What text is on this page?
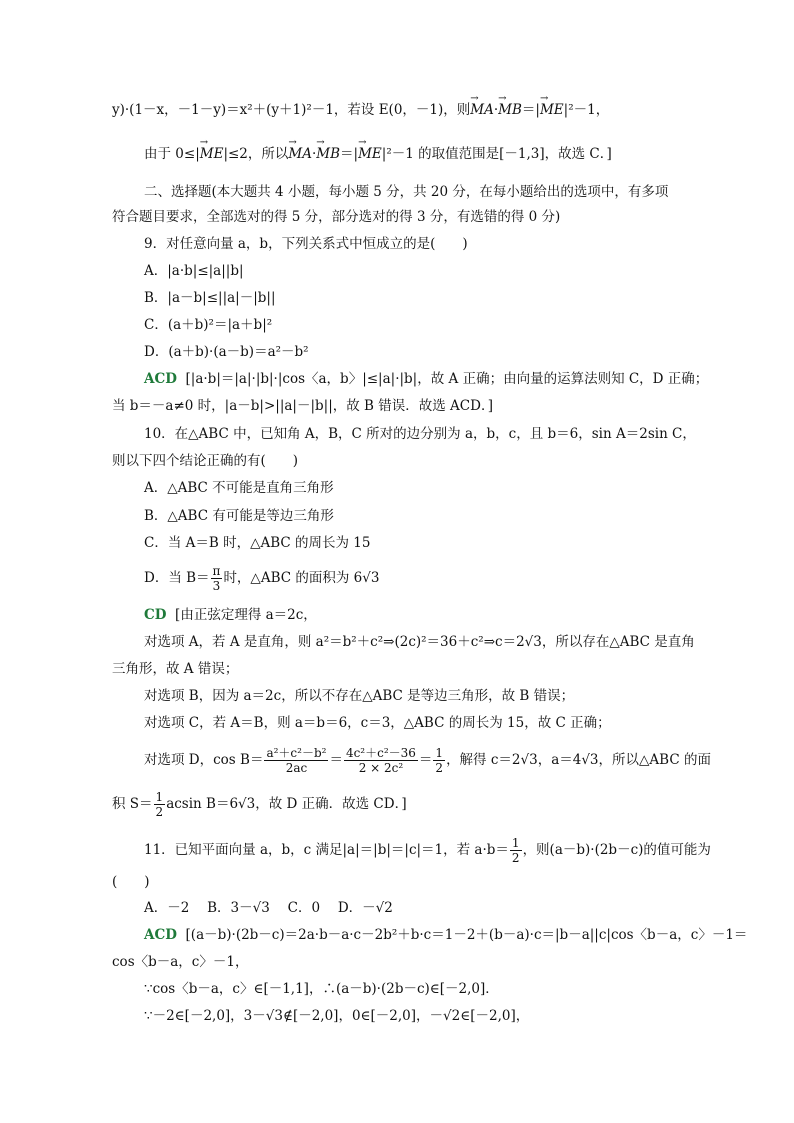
y)·(1－x，－1－y)＝x²＋(y＋1)²－1，若设 E(0，－1)，则→ MA·→ MB＝|→ ME|²－1，
由于 0≤|→ ME|≤2，所以→ MA·→ MB＝|→ ME|²－1 的取值范围是[－1,3]，故选 C．]
二、选择题(本大题共 4 小题，每小题 5 分，共 20 分，在每小题给出的选项中，有多项
符合题目要求，全部选对的得 5 分，部分选对的得 3 分，有选错的得 0 分)
9．对任意向量 a，b，下列关系式中恒成立的是(　　)
A．|a·b|≤|a||b|
B．|a－b|≤||a|－|b||
C．(a＋b)²＝|a＋b|²
D．(a＋b)·(a－b)＝a²－b²
ACD [|a·b|＝|a|·|b|·|cos〈a，b〉|≤|a|·|b|，故 A 正确；由向量的运算法则知 C，D 正确；
当 b＝－a≠0 时，|a－b|>||a|－|b||，故 B 错误．故选 ACD．]
10．在△ABC 中，已知角 A，B，C 所对的边分别为 a，b，c，且 b＝6，sin A＝2sin C，
则以下四个结论正确的有(　　)
A．△ABC 不可能是直角三角形
B．△ABC 有可能是等边三角形
C．当 A＝B 时，△ABC 的周长为 15
D．当 $B= \frac{\pi}{3}$ 时，△ABC 的面积为 6√3
CD [由正弦定理得 a＝2c，
对选项 A，若 A 是直角，则 a²＝b²＋c²⇒(2c)²＝36＋c²⇒c＝2√3，所以存在△ABC 是直角
三角形，故 A 错误；
对选项 B，因为 a＝2c，所以不存在△ABC 是等边三角形，故 B 错误；
对选项 C，若 A＝B，则 a＝b＝6，c＝3，△ABC 的周长为 15，故 C 正确；
对选项 D，$\cos B= \frac{\text{a²＋c²－b²}}{2ac} = \frac{\text{4c²＋c²－36}}{\text{2 × 2c²}} = \frac{1}{2}$ ，解得 c＝2√3，a＝4√3，所以△ABC 的面
积 $S= \frac{1}{2}$ acsin B＝6√3，故 D 正确．故选 CD．]
11．已知平面向量 a，b，c 满足|a|＝|b|＝|c|＝1，若 $a\cdot b= \frac{1}{2}$ ，则(a－b)·(2b－c)的值可能为
(　　)
A．－2　 B．3－√3　 C．0　 D．－√2
ACD [(a－b)·(2b－c)＝2a·b－a·c－2b²＋b·c＝1－2＋(b－a)·c＝|b－a||c|cos〈b－a，c〉－1＝
cos〈b－a，c〉－1，
∵cos〈b－a，c〉∈[－1,1]，∴(a－b)·(2b－c)∈[－2,0]．
∵－2∈[－2,0]，3－√3∉[－2,0]，0∈[－2,0]，－√2∈[－2,0]，
